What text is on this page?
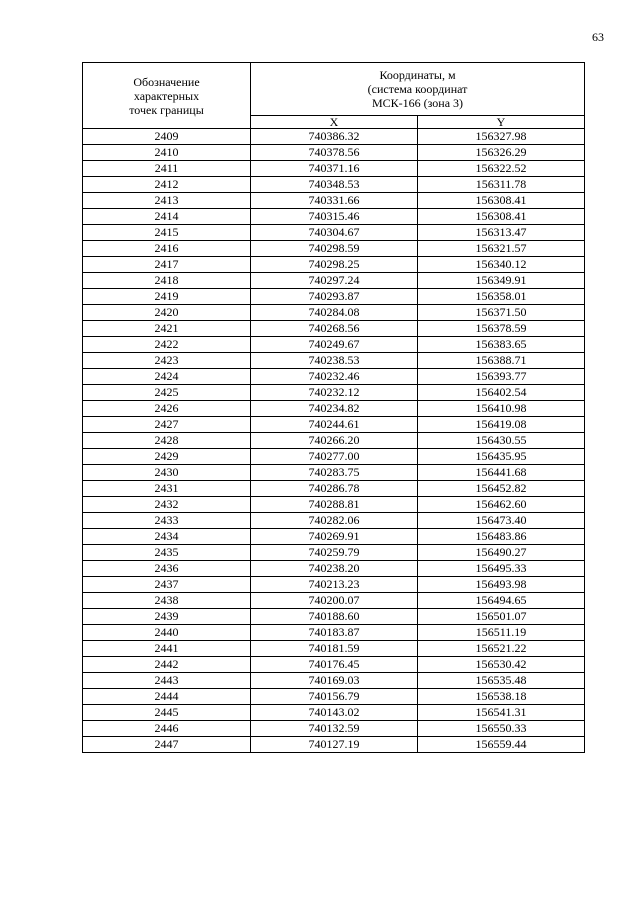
63
Обозначение
характерных
точек границы	Координаты, м
(система координат
МСК-166 (зона 3)	

	X	Y
2409	740386.32	156327.98
2410	740378.56	156326.29
2411	740371.16	156322.52
2412	740348.53	156311.78
2413	740331.66	156308.41
2414	740315.46	156308.41
2415	740304.67	156313.47
2416	740298.59	156321.57
2417	740298.25	156340.12
2418	740297.24	156349.91
2419	740293.87	156358.01
2420	740284.08	156371.50
2421	740268.56	156378.59
2422	740249.67	156383.65
2423	740238.53	156388.71
2424	740232.46	156393.77
2425	740232.12	156402.54
2426	740234.82	156410.98
2427	740244.61	156419.08
2428	740266.20	156430.55
2429	740277.00	156435.95
2430	740283.75	156441.68
2431	740286.78	156452.82
2432	740288.81	156462.60
2433	740282.06	156473.40
2434	740269.91	156483.86
2435	740259.79	156490.27
2436	740238.20	156495.33
2437	740213.23	156493.98
2438	740200.07	156494.65
2439	740188.60	156501.07
2440	740183.87	156511.19
2441	740181.59	156521.22
2442	740176.45	156530.42
2443	740169.03	156535.48
2444	740156.79	156538.18
2445	740143.02	156541.31
2446	740132.59	156550.33
2447	740127.19	156559.44
